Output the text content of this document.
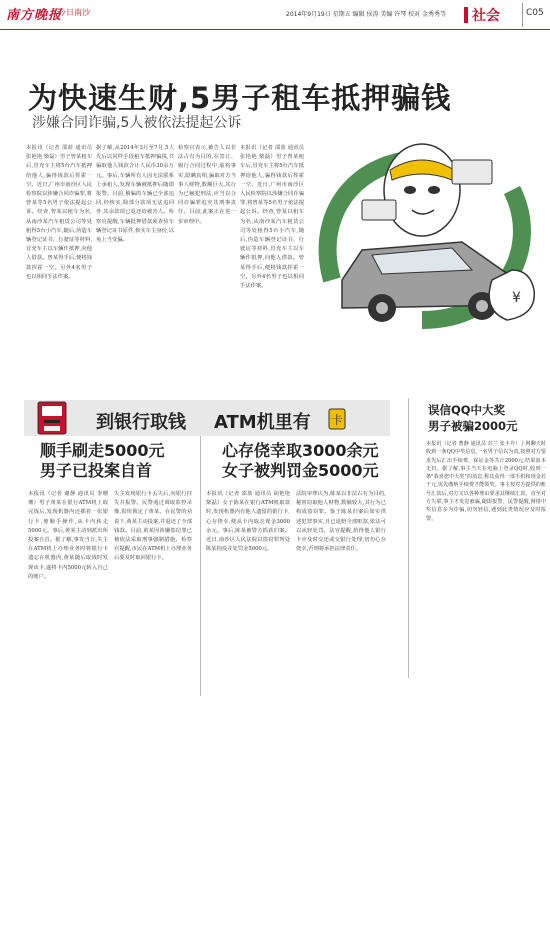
南方晚报
今日南沙	2014年9月19日 星期五 编辑 侯涛 美编 许琴 校对 金秀秀等 社会	C05
为快速生财,5男子租车抵押骗钱
涉嫌合同诈骗,5人被依法提起公诉
本报讯（记者 邵蓝 通讯员 张艳艳 柴磊）男子曾某租车后,冒充车主将5台汽车抵押给他人,骗得钱款后挥霍一空。近日,广州市南沙区人民检察院以涉嫌合同诈骗罪,将曾某等5名男子依法提起公诉。经查,曾某以租车为名,从南沙某汽车租赁公司等处租得5台小汽车,随后,伪造车辆登记证书、行驶证等材料,冒充车主以车辆作抵押,向他人借款。曾某得手后,便将钱款挥霍一空。另外4名男子也以相同手法作案。
据了解,从2014年3月至7月,5人先后以同样手段租车抵押骗钱,共骗取他人钱款合计人民币30余万元。事后,车辆所有人因无法联系上承租人,发现车辆被抵押后随即报警。目前,被骗的车辆已全部追回,经核实,除部分款项无法追回外,其余款项已退还给被害人。检察官提醒,车辆抵押借款须查验车辆登记证书原件,核实车主身份,以免上当受骗。
检察官表示,被告人以非法占有为目的,在签订、履行合同过程中,虚构事实,隐瞒真相,骗取对方当事人财物,数额巨大,其行为已触犯刑法,应当以合同诈骗罪追究其刑事责任。目前,此案正在进一步审理中。
本报讯（记者 邵蓝 通讯员 张艳艳 柴磊）男子曾某租车后,冒充车主将5台汽车抵押给他人,骗得钱款后挥霍一空。近日,广州市南沙区人民检察院以涉嫌合同诈骗罪,将曾某等5名男子依法提起公诉。经查,曾某以租车为名,从南沙某汽车租赁公司等处租得5台小汽车,随后,伪造车辆登记证书、行驶证等材料,冒充车主以车辆作抵押,向他人借款。曾某得手后,便将钱款挥霍一空。另外4名男子也以相同手法作案。
¥
到银行取钱 ATM机里有 卡
顺手刷走5000元
男子已投案自首
本报讯（记者 谢静 通讯员 李珊珊）男子黄某在银行ATM机上取完钱后,发现机器内还插着一张银行卡,便顺手操作,从卡内转走5000元。事后,黄某主动到派出所投案自首。据了解,事发当日,失主在ATM机上办理业务时将银行卡遗忘在机器内,黄某随后取钱时发现该卡,遂将卡内5000元转入自己的账户。
失主发现银行卡丢失后,向银行挂失并报警。民警通过调取监控录像,很快锁定了黄某。在民警的劝说下,黄某主动投案,并退还了全部钱款。目前,黄某因涉嫌盗窃罪已被依法采取刑事强制措施。检察官提醒,市民在ATM机上办理业务后要及时取回银行卡。
心存侥幸取3000余元
女子被判罚金5000元
本报讯（记者 邵蓝 通讯员 胡艳艳 柴磊）女子陈某在银行ATM机取款时,发现机器内有他人遗留的银行卡,心存侥幸,便从卡内取走现金3000余元。事后,陈某被警方抓获归案。近日,南沙区人民法院以盗窃罪判处陈某拘役并处罚金5000元。
法院审理认为,陈某以非法占有为目的,秘密窃取他人财物,数额较大,其行为已构成盗窃罪。鉴于陈某归案后如实供述犯罪事实,且已退赔全部赃款,依法可以从轻处罚。法官提醒,拾得他人银行卡应及时交还或交银行处理,切勿心存侥幸,否则将承担法律责任。
误信QQ中大奖
男子被骗2000元
本报讯（记者 曹静 通讯员 苏兰 张丰丹）上网聊天时收到一条QQ中奖信息,一名男子信以为真,按照对方要求先后汇出手续费、保证金等共计2000元,结果血本无归。据了解,事主当天在电脑上登录QQ时,收到一条"恭喜您中大奖"的消息,称其获得一部手机和现金若干元,需先缴纳手续费才能领奖。事主按对方提供的账号汇款后,对方又以各种理由要求其继续汇款。直至对方失联,事主才发觉被骗,随即报警。民警提醒,网络中奖信息多为诈骗,切勿轻信,遇到此类情况应及时报警。
